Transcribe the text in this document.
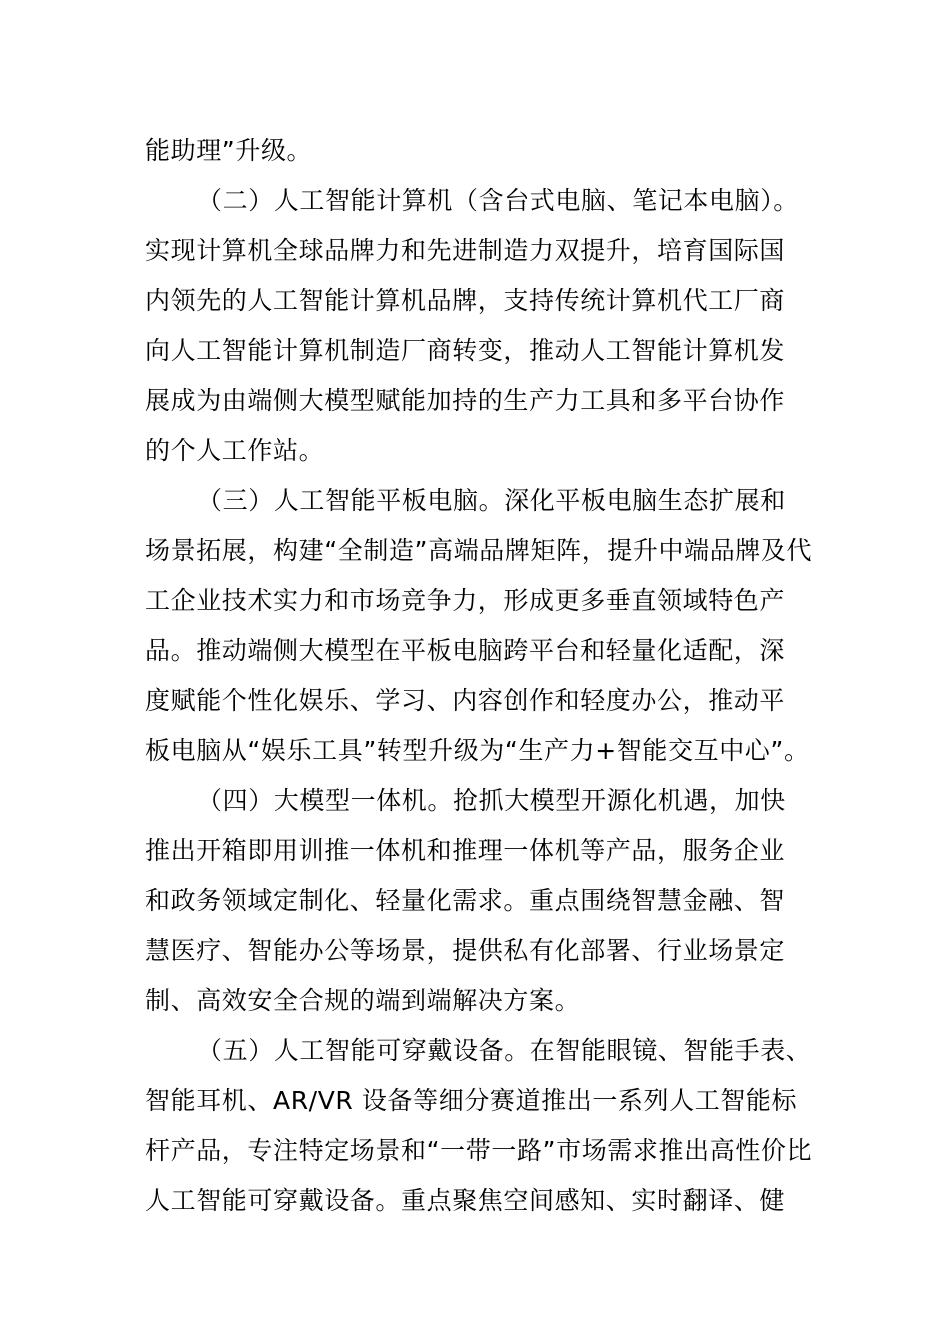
能助理”升级。
（二）人工智能计算机（含台式电脑、笔记本电脑）。
实现计算机全球品牌力和先进制造力双提升，培育国际国
内领先的人工智能计算机品牌，支持传统计算机代工厂商
向人工智能计算机制造厂商转变，推动人工智能计算机发
展成为由端侧大模型赋能加持的生产力工具和多平台协作
的个人工作站。
（三）人工智能平板电脑。深化平板电脑生态扩展和
场景拓展，构建“全制造”高端品牌矩阵，提升中端品牌及代
工企业技术实力和市场竞争力，形成更多垂直领域特色产
品。推动端侧大模型在平板电脑跨平台和轻量化适配，深
度赋能个性化娱乐、学习、内容创作和轻度办公，推动平
板电脑从“娱乐工具”转型升级为“生产力+智能交互中心”。
（四）大模型一体机。抢抓大模型开源化机遇，加快
推出开箱即用训推一体机和推理一体机等产品，服务企业
和政务领域定制化、轻量化需求。重点围绕智慧金融、智
慧医疗、智能办公等场景，提供私有化部署、行业场景定
制、高效安全合规的端到端解决方案。
（五）人工智能可穿戴设备。在智能眼镜、智能手表、
智能耳机、AR/VR 设备等细分赛道推出一系列人工智能标
杆产品，专注特定场景和“一带一路”市场需求推出高性价比
人工智能可穿戴设备。重点聚焦空间感知、实时翻译、健
